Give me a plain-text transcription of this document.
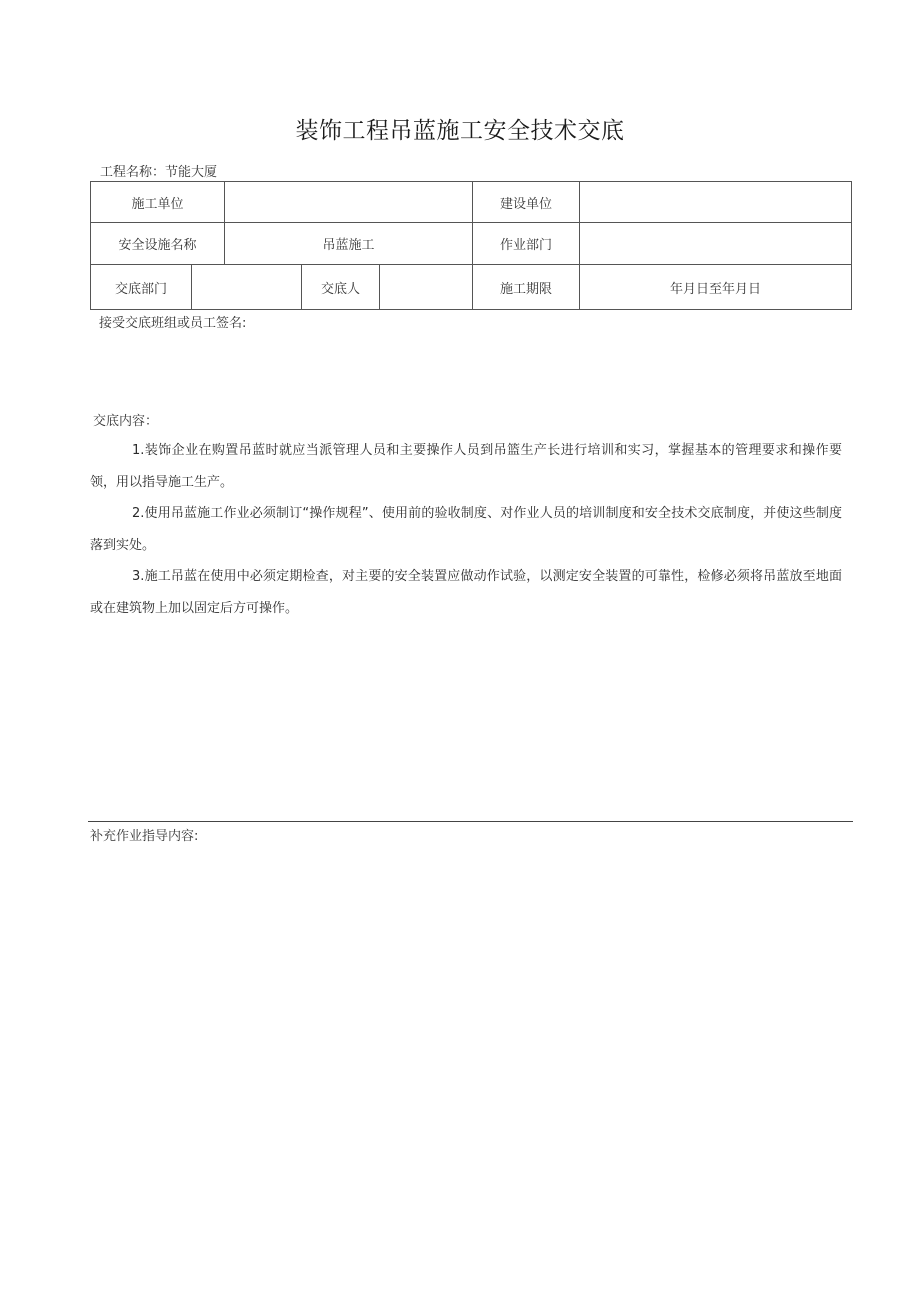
装饰工程吊蓝施工安全技术交底
工程名称：节能大厦
施工单位					建设单位	
安全设施名称		吊蓝施工			作业部门	
交底部门			交底人		施工期限	年月日至年月日
接受交底班组或员工签名:
交底内容：

1.装饰企业在购置吊蓝时就应当派管理人员和主要操作人员到吊篮生产长进行培训和实习，掌握基本的管理要求和操作要领，用以指导施工生产。

2.使用吊蓝施工作业必须制订“操作规程”、使用前的验收制度、对作业人员的培训制度和安全技术交底制度，并使这些制度落到实处。

3.施工吊蓝在使用中必须定期检查，对主要的安全装置应做动作试验，以测定安全装置的可靠性，检修必须将吊蓝放至地面或在建筑物上加以固定后方可操作。

补充作业指导内容:
